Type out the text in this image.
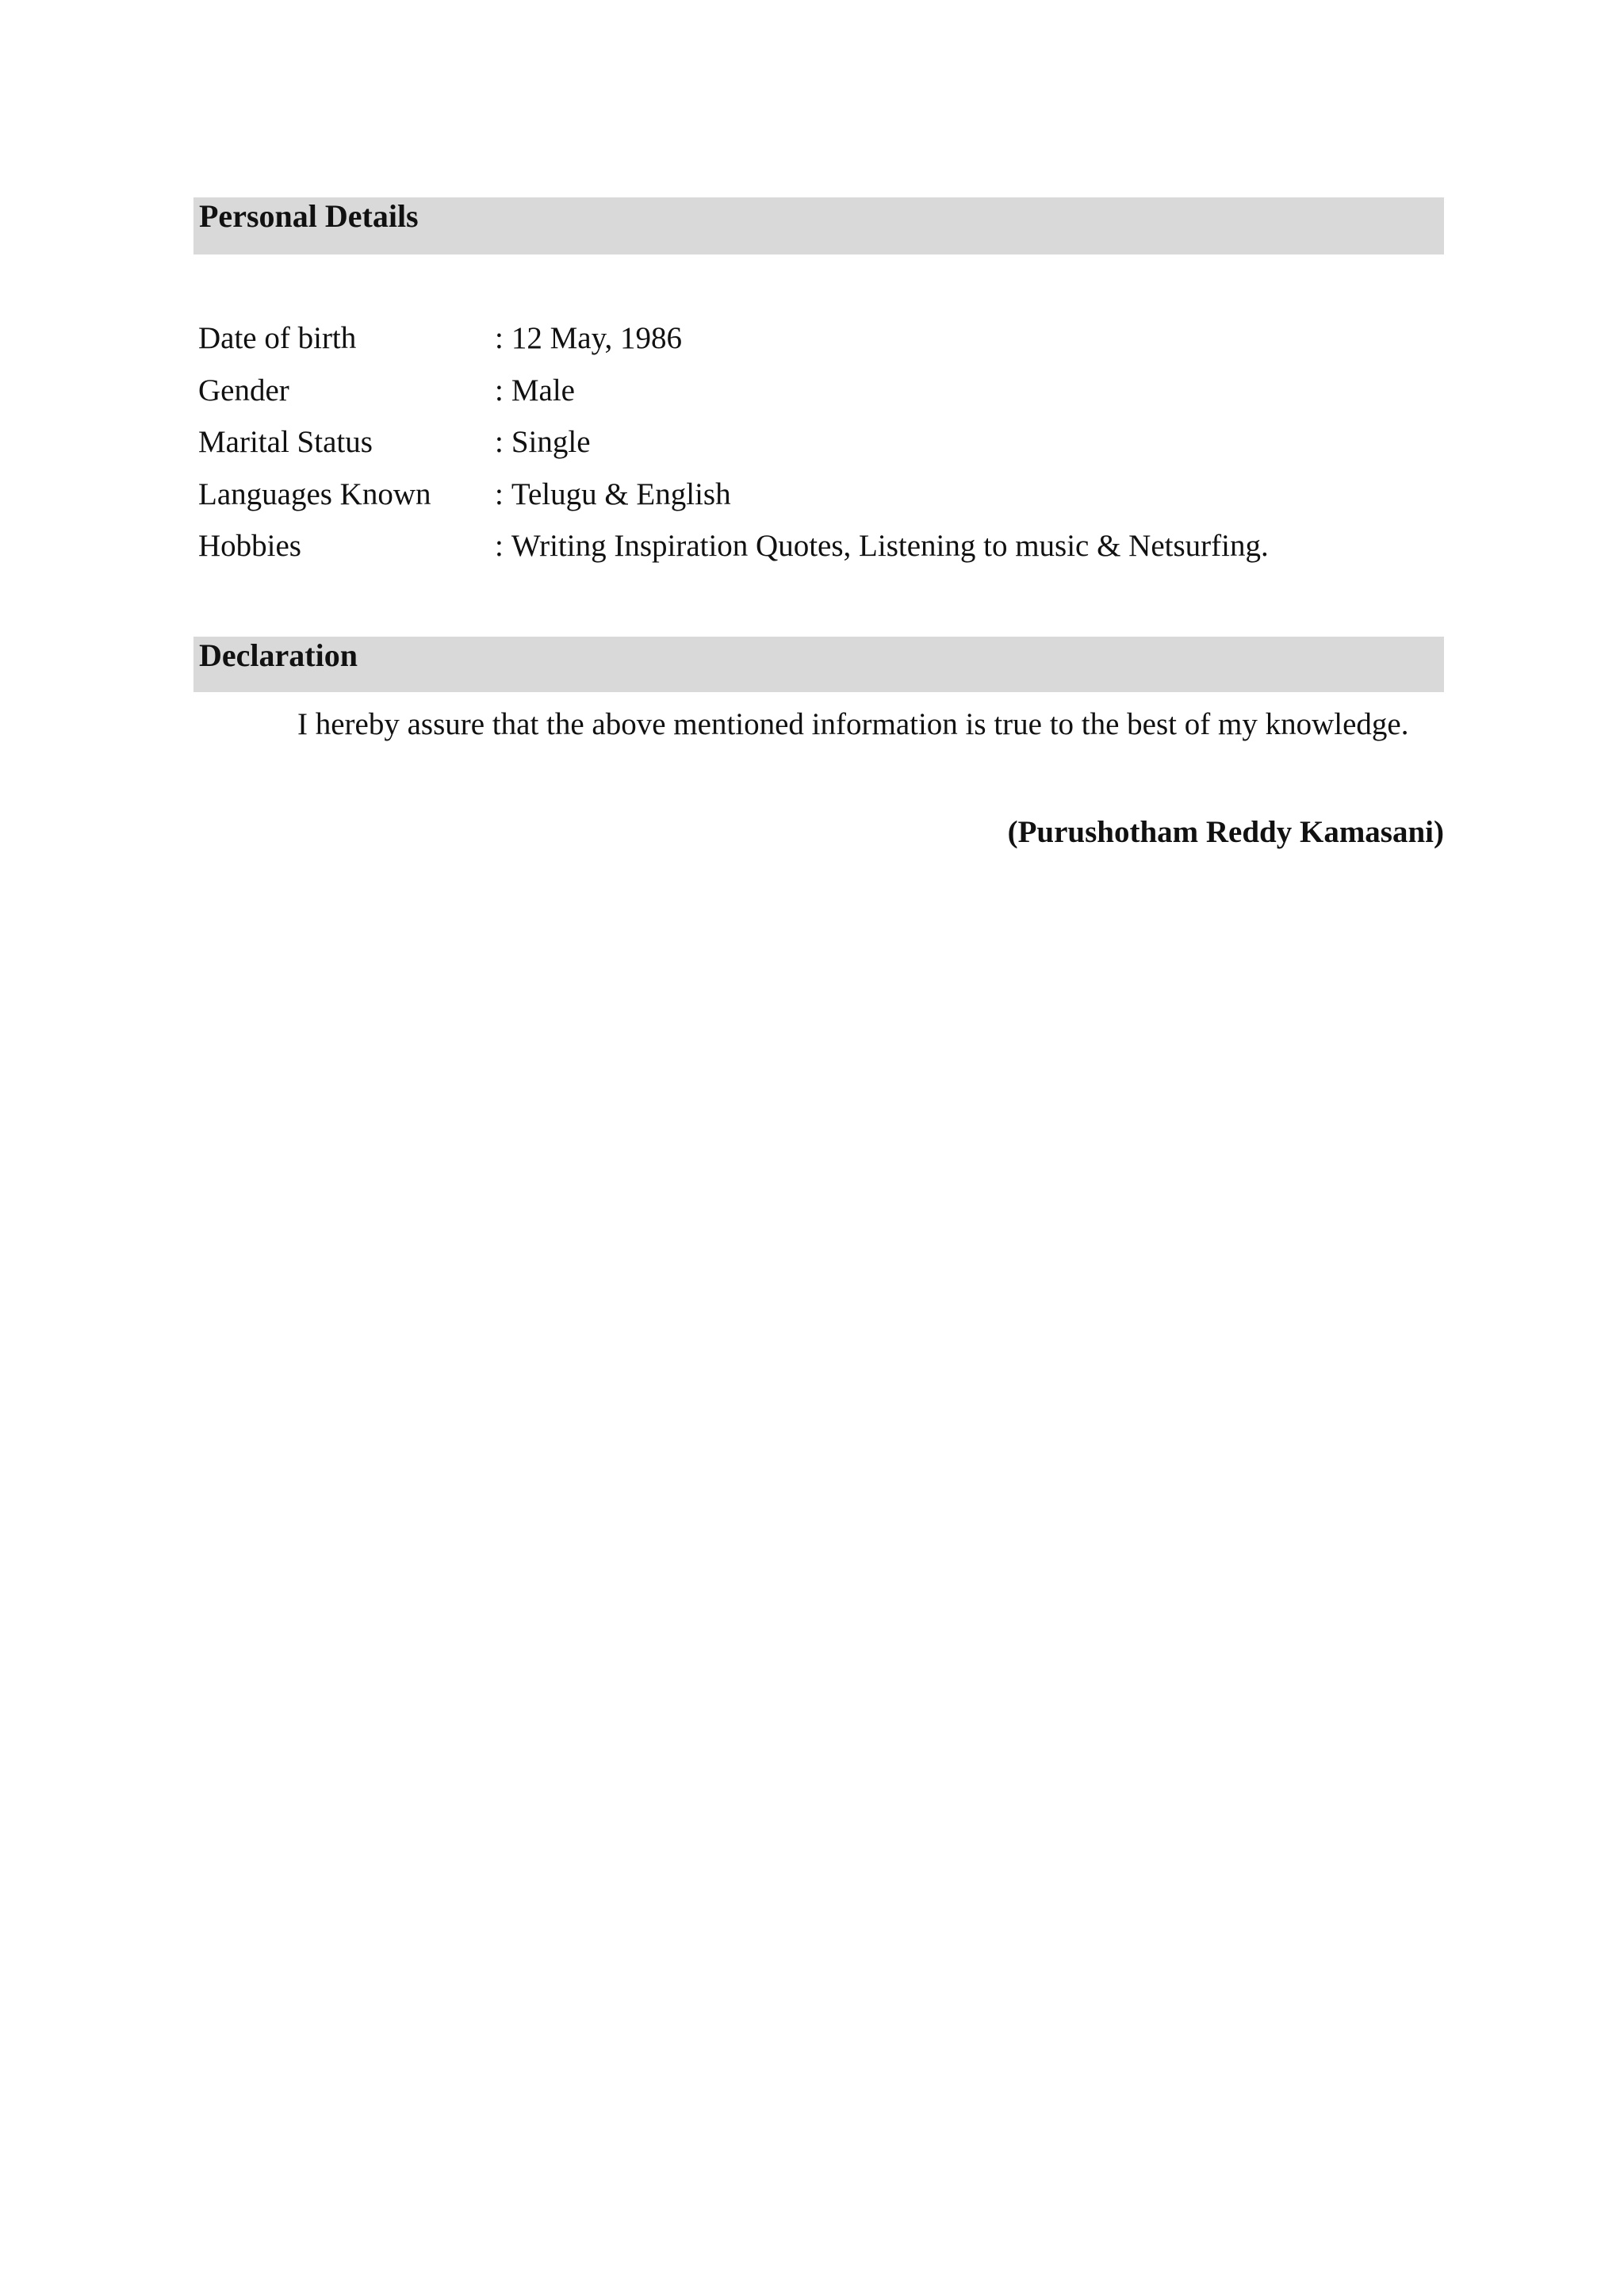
Personal Details
Date of birth	: 12 May, 1986
Gender	: Male
Marital Status	: Single
Languages Known	: Telugu & English
Hobbies	: Writing Inspiration Quotes, Listening to music & Netsurfing.
Declaration
I hereby assure that the above mentioned information is true to the best of my knowledge.
(Purushotham Reddy Kamasani)
